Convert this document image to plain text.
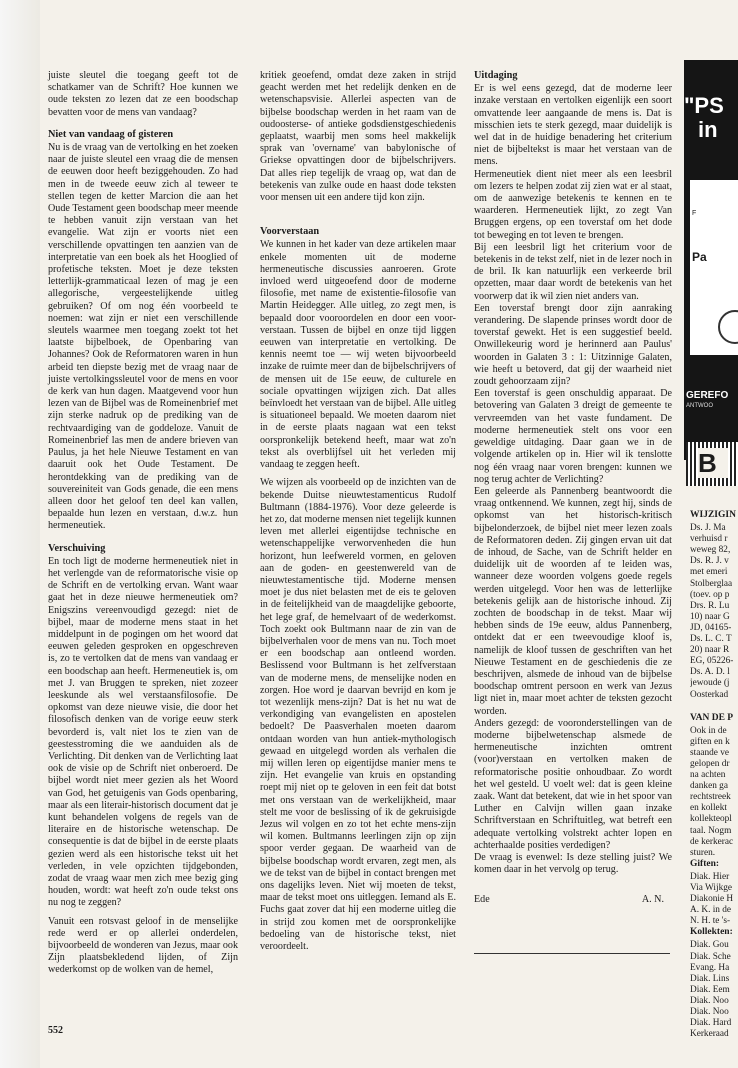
juiste sleutel die toegang geeft tot de schatkamer van de Schrift? Hoe kunnen we oude teksten zo lezen dat ze een boodschap bevatten voor de mens van vandaag?

Niet van vandaag of gisteren

Nu is de vraag van de vertolking en het zoeken naar de juiste sleutel een vraag die de mensen de eeuwen door heeft beziggehouden. Zo had men in de tweede eeuw zich al teweer te stellen tegen de ketter Marcion die aan het Oude Testament geen boodschap meer meende te hebben vanuit zijn verstaan van het evangelie. Wat zijn er voorts niet een verschillende opvattingen ten aanzien van de interpretatie van een boek als het Hooglied of profetische teksten. Moet je deze teksten letterlijk-grammaticaal lezen of mag je een allegorische, vergeestelijkende uitleg gebruiken? Of om nog één voorbeeld te noemen: wat zijn er niet een verschillende sleutels waarmee men toegang zoekt tot het laatste bijbelboek, de Openbaring van Johannes? Ook de Reformatoren waren in hun arbeid ten diepste bezig met de vraag naar de juiste vertolkingssleutel voor de mens en voor de kerk van hun dagen. Maatgevend voor hun lezen van de Bijbel was de Romeinenbrief met zijn sterke nadruk op de prediking van de rechtvaardiging van de goddeloze. Vanuit de Romeinenbrief las men de andere brieven van Paulus, ja het hele Nieuwe Testament en van daaruit ook het Oude Testament. De herontdekking van de prediking van de souvereiniteit van Gods genade, die een mens alleen door het geloof ten deel kan vallen, bepaalde hun lezen en verstaan, d.w.z. hun hermeneutiek.

Verschuiving

En toch ligt de moderne hermeneutiek niet in het verlengde van de reformatorische visie op de Schrift en de vertolking ervan. Want waar gaat het in deze nieuwe hermeneutiek om? Enigszins vereenvoudigd gezegd: niet de bijbel, maar de moderne mens staat in het middelpunt in de pogingen om het woord dat eeuwen geleden gesproken en opgeschreven is, zo te vertolken dat de mens van vandaag er een boodschap aan heeft. Hermeneutiek is, om met J. van Bruggen te spreken, niet zozeer leeskunde als wel verstaansfilosofie. De opkomst van deze nieuwe visie, die door het filosofisch denken van de vorige eeuw sterk bevorderd is, valt niet los te zien van de geestesstroming die we aanduiden als de Verlichting. Dit denken van de Verlichting laat ook de visie op de Schrift niet onberoerd. De bijbel wordt niet meer gezien als het Woord van God, het getuigenis van Gods openbaring, maar als een literair-historisch document dat je kunt behandelen volgens de regels van de literaire en de historische wetenschap. De consequentie is dat de bijbel in de eerste plaats gezien werd als een historische tekst uit het verleden, in vele opzichten tijdgebonden, zodat de vraag waar men zich mee bezig ging houden, wordt: wat heeft zo'n oude tekst ons nu nog te zeggen?

Vanuit een rotsvast geloof in de menselijke rede werd er op allerlei onderdelen, bijvoorbeeld de wonderen van Jezus, maar ook Zijn plaatsbekledend lijden, of Zijn wederkomst op de wolken van de hemel,

kritiek geoefend, omdat deze zaken in strijd geacht werden met het redelijk denken en de wetenschapsvisie. Allerlei aspecten van de bijbelse boodschap werden in het raam van de oudoosterse- of antieke godsdienstgeschiedenis geplaatst, waarbij men soms heel makkelijk sprak van 'overname' van babylonische of Griekse opvattingen door de bijbelschrijvers. Dat alles riep tegelijk de vraag op, wat dan de betekenis van zulke oude en haast dode teksten voor mensen uit een andere tijd kon zijn.

Voorverstaan

We kunnen in het kader van deze artikelen maar enkele momenten uit de moderne hermeneutische discussies aanroeren. Grote invloed werd uitgeoefend door de moderne filosofie, met name de existentie-filosofie van Martin Heidegger. Alle uitleg, zo zegt men, is bepaald door vooroordelen en door een voor-verstaan. Tussen de bijbel en onze tijd liggen eeuwen van interpretatie en vertolking. De kennis neemt toe — wij weten bijvoorbeeld inzake de ruimte meer dan de bijbelschrijvers of de mensen uit de 15e eeuw, de culturele en sociale opvattingen wijzigen zich. Dat alles beïnvloedt het verstaan van de bijbel. Alle uitleg is situationeel bepaald. We moeten daarom niet in de eerste plaats nagaan wat een tekst oorspronkelijk betekend heeft, maar wat zo'n tekst als overblijfsel uit het verleden mij vandaag te zeggen heeft.

We wijzen als voorbeeld op de inzichten van de bekende Duitse nieuwtestamenticus Rudolf Bultmann (1884-1976). Voor deze geleerde is het zo, dat moderne mensen niet tegelijk kunnen leven met allerlei eigentijdse technische en wetenschappelijke verworvenheden die hun horizont, hun leefwereld vormen, en geloven aan de goden- en geestenwereld van de nieuwtestamentische tijd. Moderne mensen moet je dus niet belasten met de eis te geloven in de feitelijkheid van de maagdelijke geboorte, het lege graf, de hemelvaart of de wederkomst. Toch zoekt ook Bultmann naar de zin van de bijbelverhalen voor de mens van nu. Toch moet er een boodschap aan ontleend worden. Beslissend voor Bultmann is het zelfverstaan van de moderne mens, de menselijke noden en zorgen. Hoe word je daarvan bevrijd en kom je tot wezenlijk mens-zijn? Dat is het nu wat de verkondiging van evangelisten en apostelen bedoelt? De Paasverhalen moeten daarom ontdaan worden van hun antiek-mythologisch gewaad en uitgelegd worden als verhalen die mij willen leren op eigentijdse manier mens te zijn. Het evangelie van kruis en opstanding roept mij niet op te geloven in een feit dat botst met ons verstaan van de werkelijkheid, maar stelt me voor de beslissing of ik de gekruisigde Jezus wil volgen en zo tot het echte mens-zijn wil komen. Bultmanns leerlingen zijn op zijn spoor verder gegaan. De waarheid van de bijbelse boodschap wordt ervaren, zegt men, als we de tekst van de bijbel in contact brengen met ons dagelijks leven. Niet wij moeten de tekst, maar de tekst moet ons uitleggen. Iemand als E. Fuchs gaat zover dat hij een moderne uitleg die in strijd zou komen met de oorspronkelijke bedoeling van de historische tekst, niet veroordeelt.

Uitdaging

Er is wel eens gezegd, dat de moderne leer inzake verstaan en vertolken eigenlijk een soort omvattende leer aangaande de mens is. Dat is misschien iets te sterk gezegd, maar duidelijk is wel dat in de huidige benadering het criterium niet de bijbeltekst is maar het verstaan van de mens.

Hermeneutiek dient niet meer als een leesbril om lezers te helpen zodat zij zien wat er al staat, om de aanwezige betekenis te kennen en te waarderen. Hermeneutiek lijkt, zo zegt Van Bruggen ergens, op een toverstaf om het dode tot beweging en tot leven te brengen.

Bij een leesbril ligt het criterium voor de betekenis in de tekst zelf, niet in de lezer noch in de bril. Ik kan natuurlijk een verkeerde bril opzetten, maar daar wordt de betekenis van het voorwerp dat ik wil zien niet anders van.

Een toverstaf brengt door zijn aanraking verandering. De slapende prinses wordt door de toverstaf gewekt. Het is een suggestief beeld. Onwillekeurig word je herinnerd aan Paulus' woorden in Galaten 3 : 1: Uitzinnige Galaten, wie heeft u betoverd, dat gij der waarheid niet zoudt gehoorzaam zijn?

Een toverstaf is geen onschuldig apparaat. De betovering van Galaten 3 dreigt de gemeente te vervreemden van het vaste fundament. De moderne hermeneutiek stelt ons voor een geweldige uitdaging. Daar gaan we in de volgende artikelen op in. Hier wil ik tenslotte nog één vraag naar voren brengen: kunnen we nog terug achter de Verlichting?

Een geleerde als Pannenberg beantwoordt die vraag ontkennend. We kunnen, zegt hij, sinds de opkomst van het historisch-kritisch bijbelonderzoek, de bijbel niet meer lezen zoals de Reformatoren deden. Zij gingen ervan uit dat de inhoud, de Sache, van de Schrift helder en duidelijk uit de woorden af te leiden was, wanneer deze woorden volgens goede regels werden uitgelegd. Voor hen was de letterlijke betekenis gelijk aan de historische inhoud. Zij zochten de boodschap in de tekst. Maar wij hebben sinds de 19e eeuw, aldus Pannenberg, ontdekt dat er een tweevoudige kloof is, namelijk de kloof tussen de geschriften van het Nieuwe Testament en de geschiedenis die ze beschrijven, alsmede de inhoud van de bijbelse boodschap omtrent persoon en werk van Jezus ligt niet in, maar moet achter de teksten gezocht worden.

Anders gezegd: de vooronderstellingen van de moderne bijbelwetenschap alsmede de hermeneutische inzichten omtrent (voor)verstaan en vertolken maken de reformatorische positie onhoudbaar. Zo wordt het wel gesteld. U voelt wel: dat is geen kleine zaak. Want dat betekent, dat wie in het spoor van Luther en Calvijn willen gaan inzake Schriftverstaan en Schriftuitleg, wat betreft een adequate vertolking volstrekt achter lopen en achterhaalde posities verdedigen?

De vraag is evenwel: Is deze stelling juist? We komen daar in het vervolg op terug.

Ede	A. N.
552
"PS
in
F
Pa
GEREFO
ANTWOO
B
WIJZIGIN
Ds. J. Ma
verhuisd r
weweg 82,
Ds. R. J. v
met emeri
Stolberglaa
(toev. op p
Drs. R. Lu
10) naar G
JD, 04165-
Ds. L. C. T
20) naar R
EG, 05226-
Ds. A. D. l
jewoude (j
Oosterkad
VAN DE P
Ook in de
giften en k
staande ve
gelopen dr
na achten
danken ga
rechtstreek
en kollekt
kollekteopl
taal. Nogm
de kerkerac
sturen.
Giften:
Diak. Hier
Via Wijkge
Diakonie H
A. K. in de
N. H. te 's-
Kollekten:
Diak. Gou
Diak. Sche
Evang. Ha
Diak. Lins
Diak. Eem
Diak. Noo
Diak. Noo
Diak. Hard
Kerkeraad
